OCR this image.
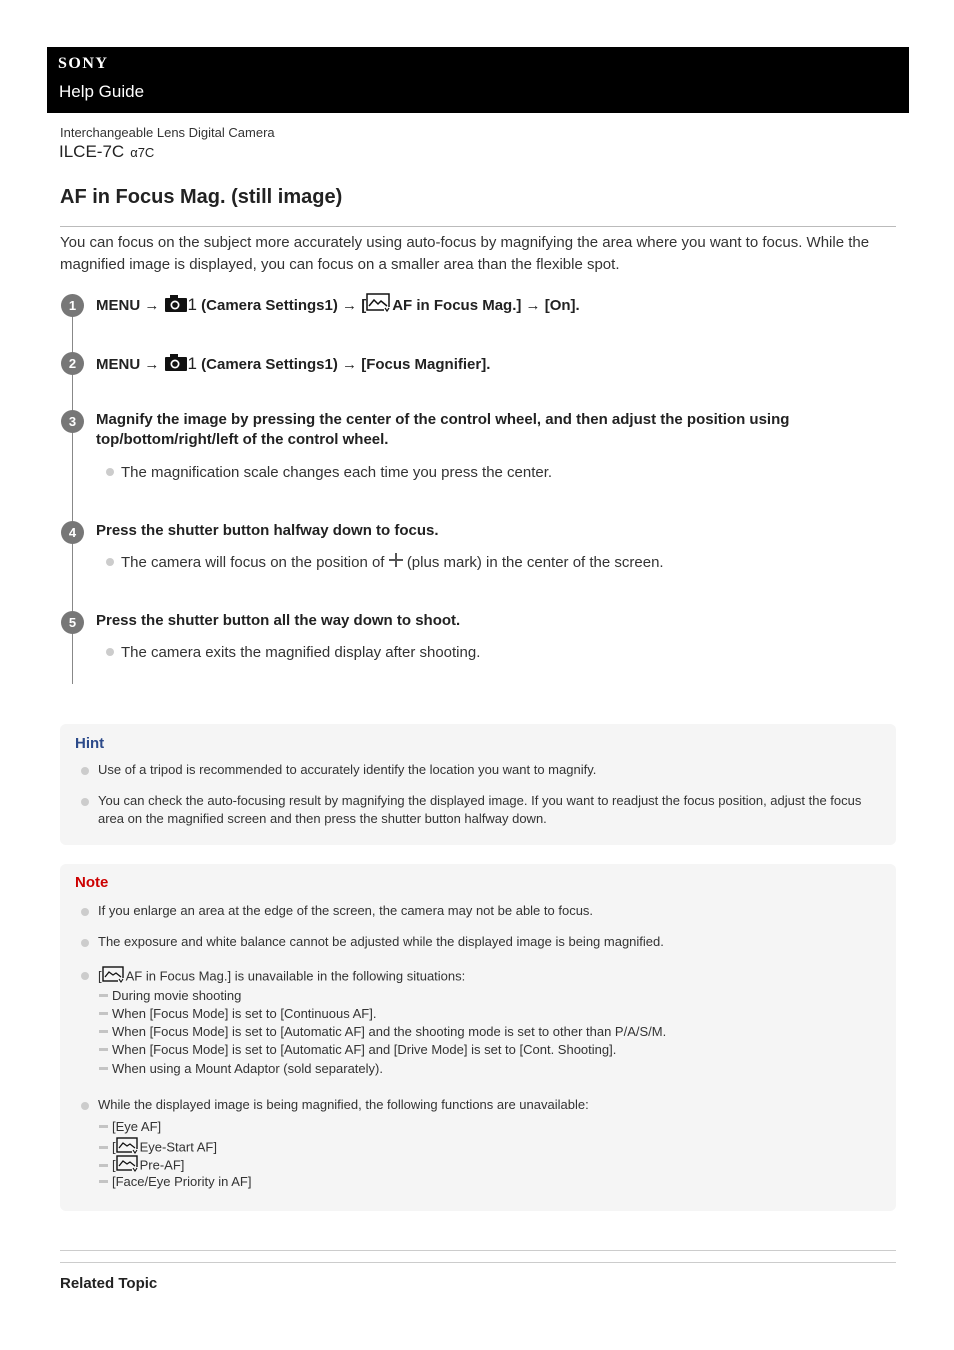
SONY
Help Guide
Interchangeable Lens Digital Camera
ILCE-7C α7C
AF in Focus Mag. (still image)

You can focus on the subject more accurately using auto-focus by magnifying the area where you want to focus. While the magnified image is displayed, you can focus on a smaller area than the flexible spot.

1	MENU → 1 (Camera Settings1) → [ AF in Focus Mag.] → [On].

2	MENU → 1 (Camera Settings1) → [Focus Magnifier].

3	Magnify the image by pressing the center of the control wheel, and then adjust the position using top/bottom/right/left of the control wheel.

The magnification scale changes each time you press the center.
4	Press the shutter button halfway down to focus.

The camera will focus on the position of (plus mark) in the center of the screen.
5	Press the shutter button all the way down to shoot.

The camera exits the magnified display after shooting.
Hint
Use of a tripod is recommended to accurately identify the location you want to magnify.
You can check the auto-focusing result by magnifying the displayed image. If you want to readjust the focus position, adjust the focus area on the magnified screen and then press the shutter button halfway down.
Note
If you enlarge an area at the edge of the screen, the camera may not be able to focus.
The exposure and white balance cannot be adjusted while the displayed image is being magnified.
[ AF in Focus Mag.] is unavailable in the following situations:
During movie shooting
When [Focus Mode] is set to [Continuous AF].
When [Focus Mode] is set to [Automatic AF] and the shooting mode is set to other than P/A/S/M.
When [Focus Mode] is set to [Automatic AF] and [Drive Mode] is set to [Cont. Shooting].
When using a Mount Adaptor (sold separately).
While the displayed image is being magnified, the following functions are unavailable:
[Eye AF]
[ Eye-Start AF]
[ Pre-AF]
[Face/Eye Priority in AF]
Related Topic
